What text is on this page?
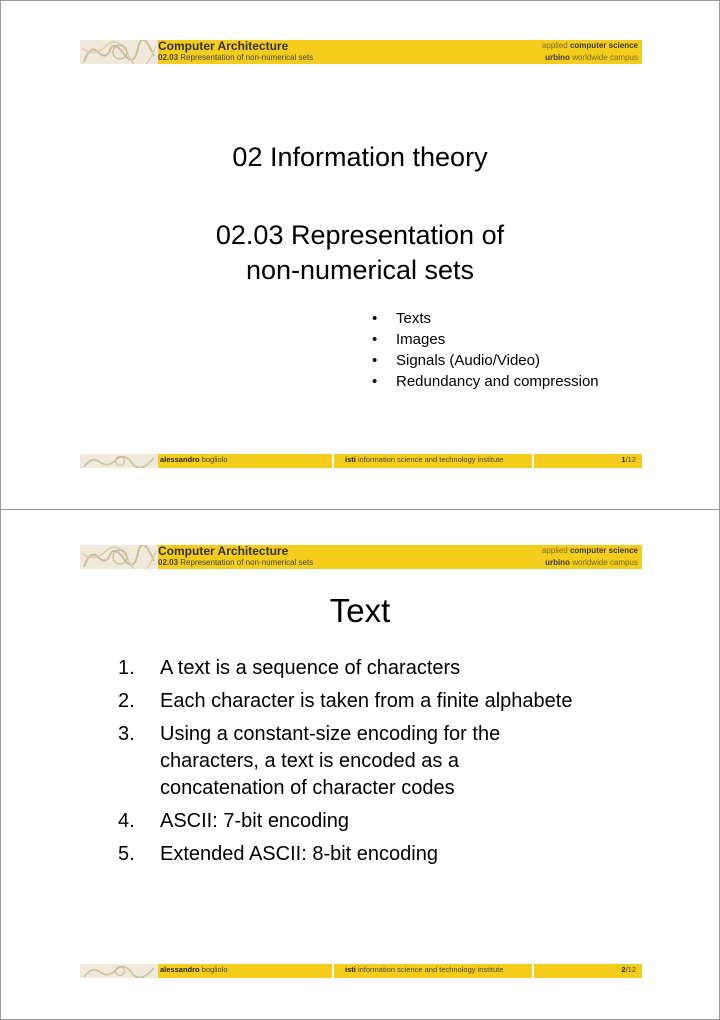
Computer Architecture
02.03 Representation of non-numerical sets
applied computer science
urbino worldwide campus
02 Information theory
02.03 Representation of
non-numerical sets
• Texts
• Images
• Signals (Audio/Video)
• Redundancy and compression
alessandro bogliolo	isti information science and technology institute	1/12
Computer Architecture
02.03 Representation of non-numerical sets
applied computer science
urbino worldwide campus
Text
1. A text is a sequence of characters
2. Each character is taken from a finite alphabete
3. Using a constant-size encoding for the characters, a text is encoded as a concatenation of character codes
4. ASCII: 7-bit encoding
5. Extended ASCII: 8-bit encoding
alessandro bogliolo	isti information science and technology institute	2/12
